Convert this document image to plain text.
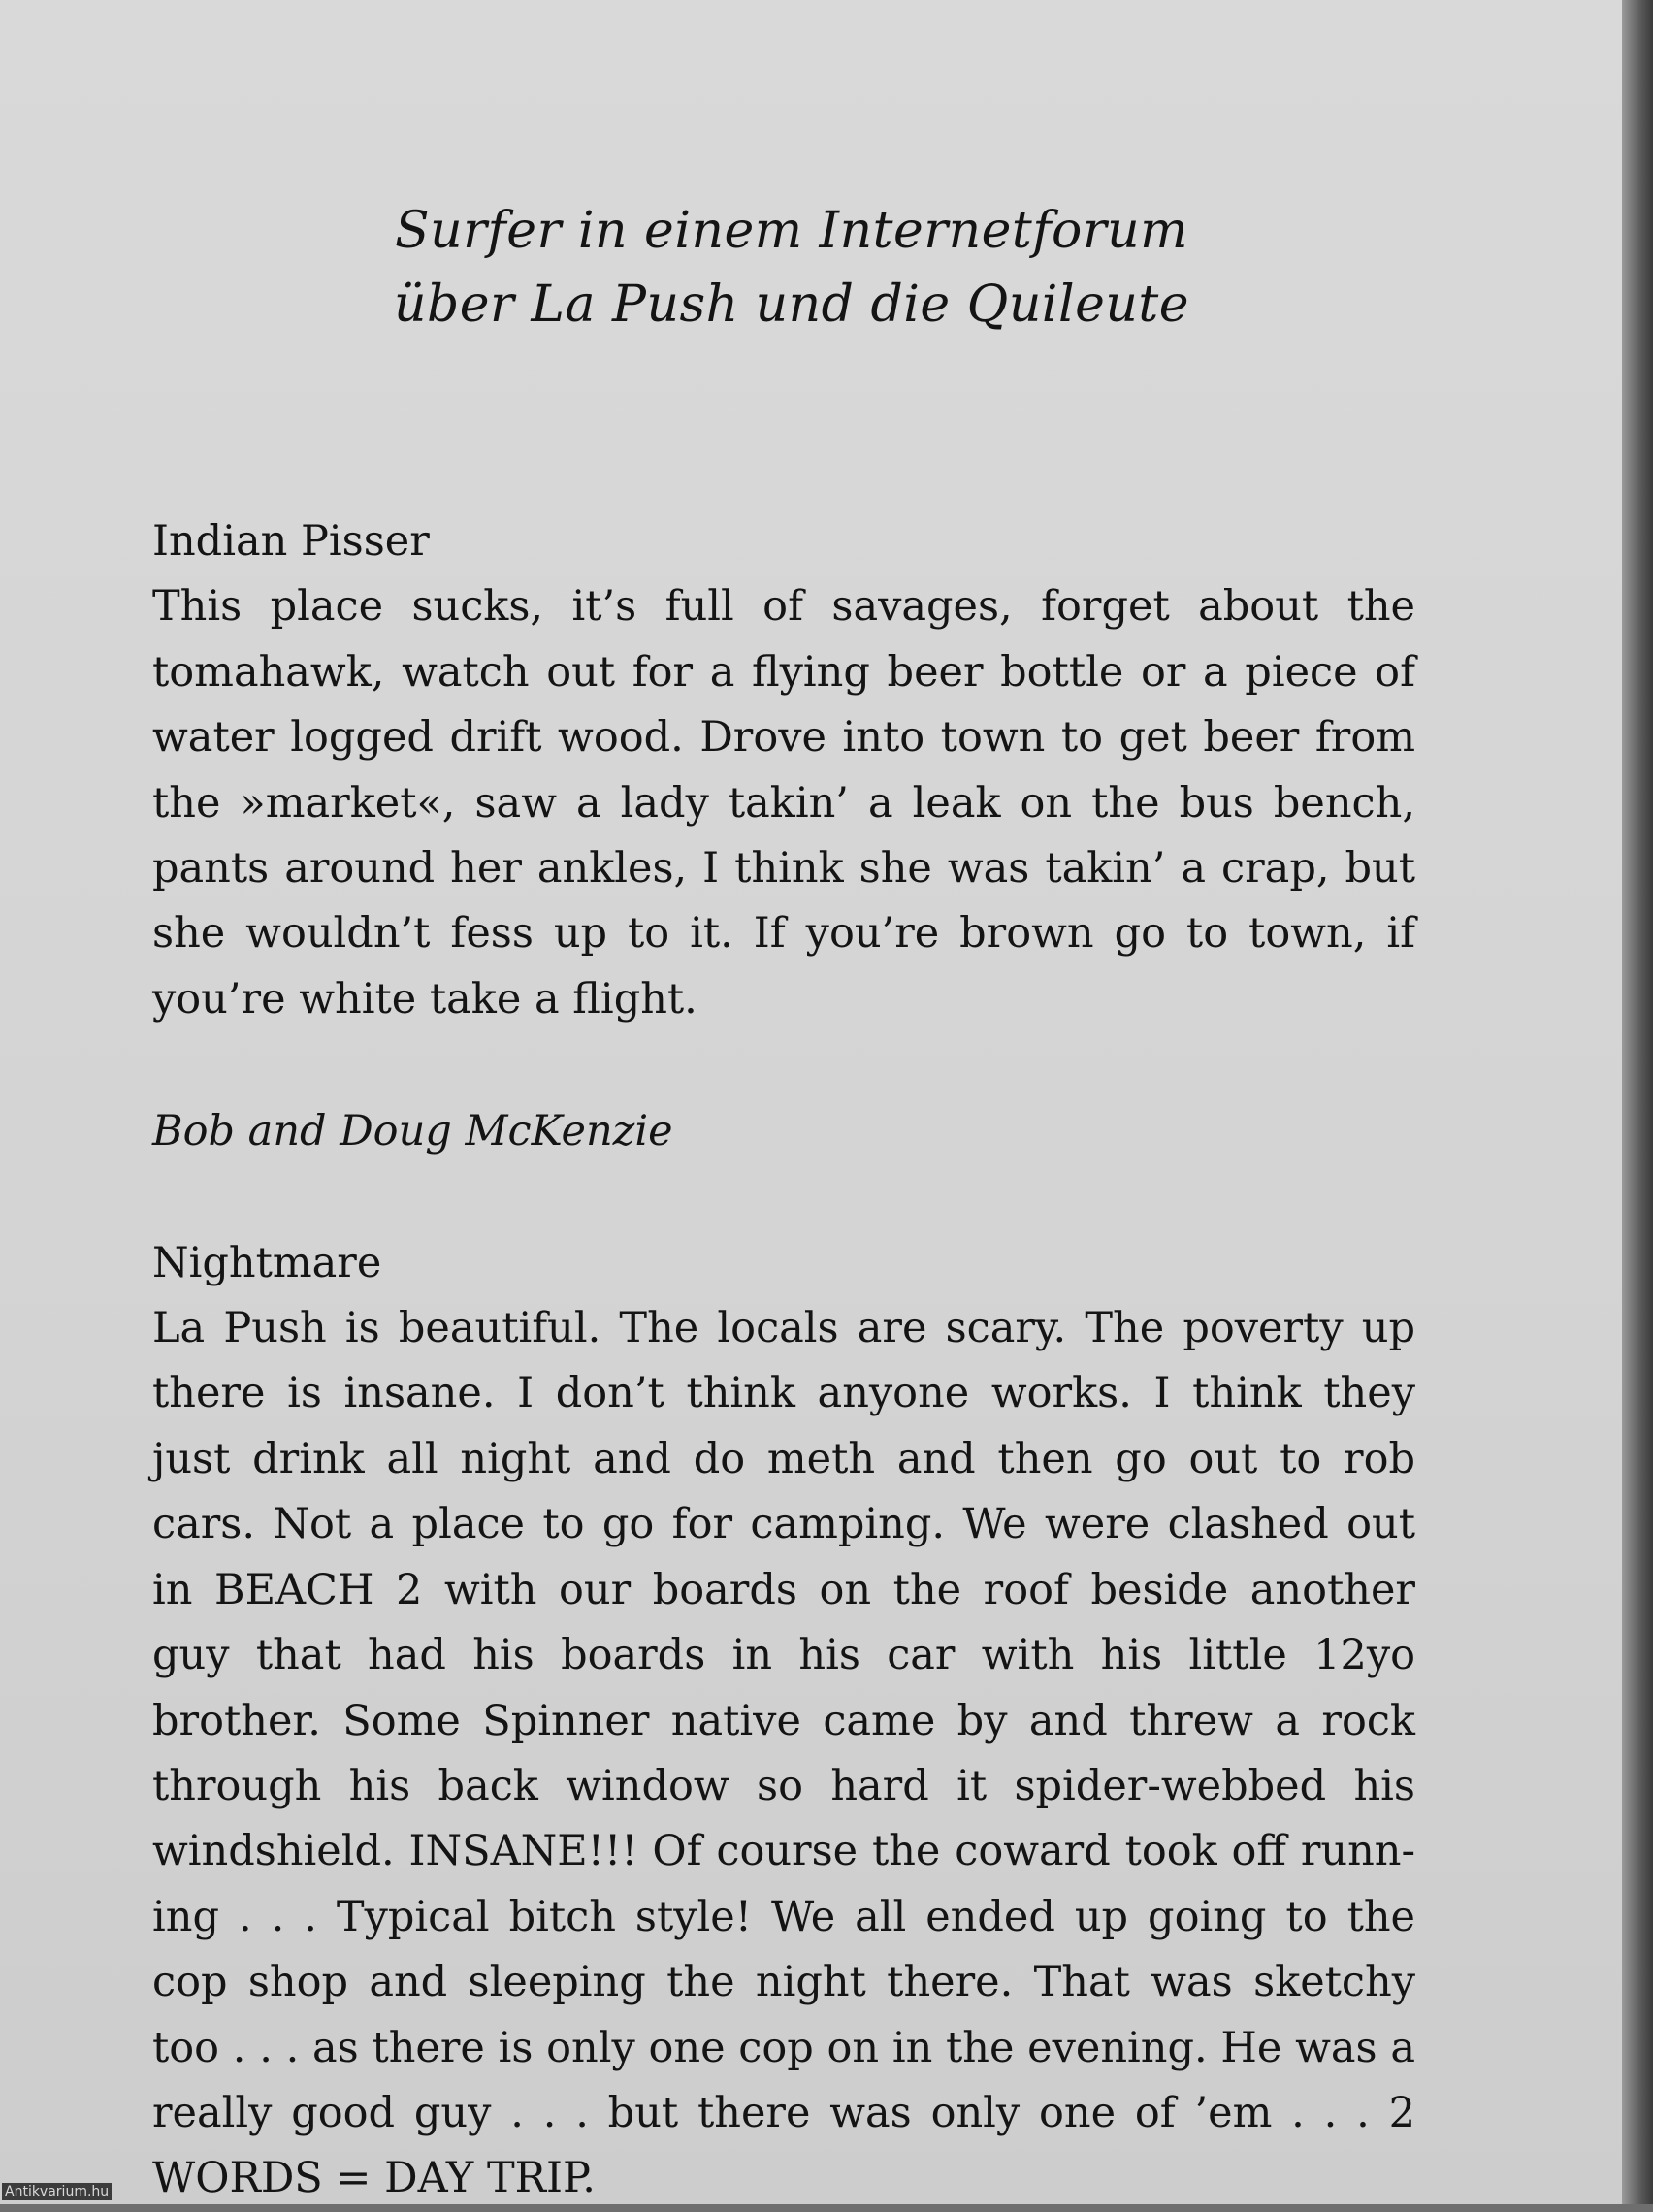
Surfer in einem Internetforum
über La Push und die Quileute

Indian Pisser

This place sucks, it’s full of savages, forget about the tomahawk, watch out for a flying beer bottle or a piece of water logged drift wood. Drove into town to get beer from the »market«, saw a lady takin’ a leak on the bus bench, pants around her ankles, I think she was takin’ a crap, but she wouldn’t fess up to it. If you’re brown go to town, if you’re white take a flight.

Bob and Doug McKenzie

Nightmare

La Push is beautiful. The locals are scary. The poverty up there is insane. I don’t think anyone works. I think they just drink all night and do meth and then go out to rob cars. Not a place to go for camping. We were clashed out in BEACH 2 with our boards on the roof beside another guy that had his boards in his car with his little 12yo brother. Some Spinner native came by and threw a rock through his back window so hard it spider-webbed his windshield. INSANE!!! Of course the coward took off runn-ing . . . Typical bitch style! We all ended up going to the cop shop and sleeping the night there. That was sketchy too . . . as there is only one cop on in the evening. He was a really good guy . . . but there was only one of ’em . . . 2 WORDS = DAY TRIP.

Antikvarium.hu
